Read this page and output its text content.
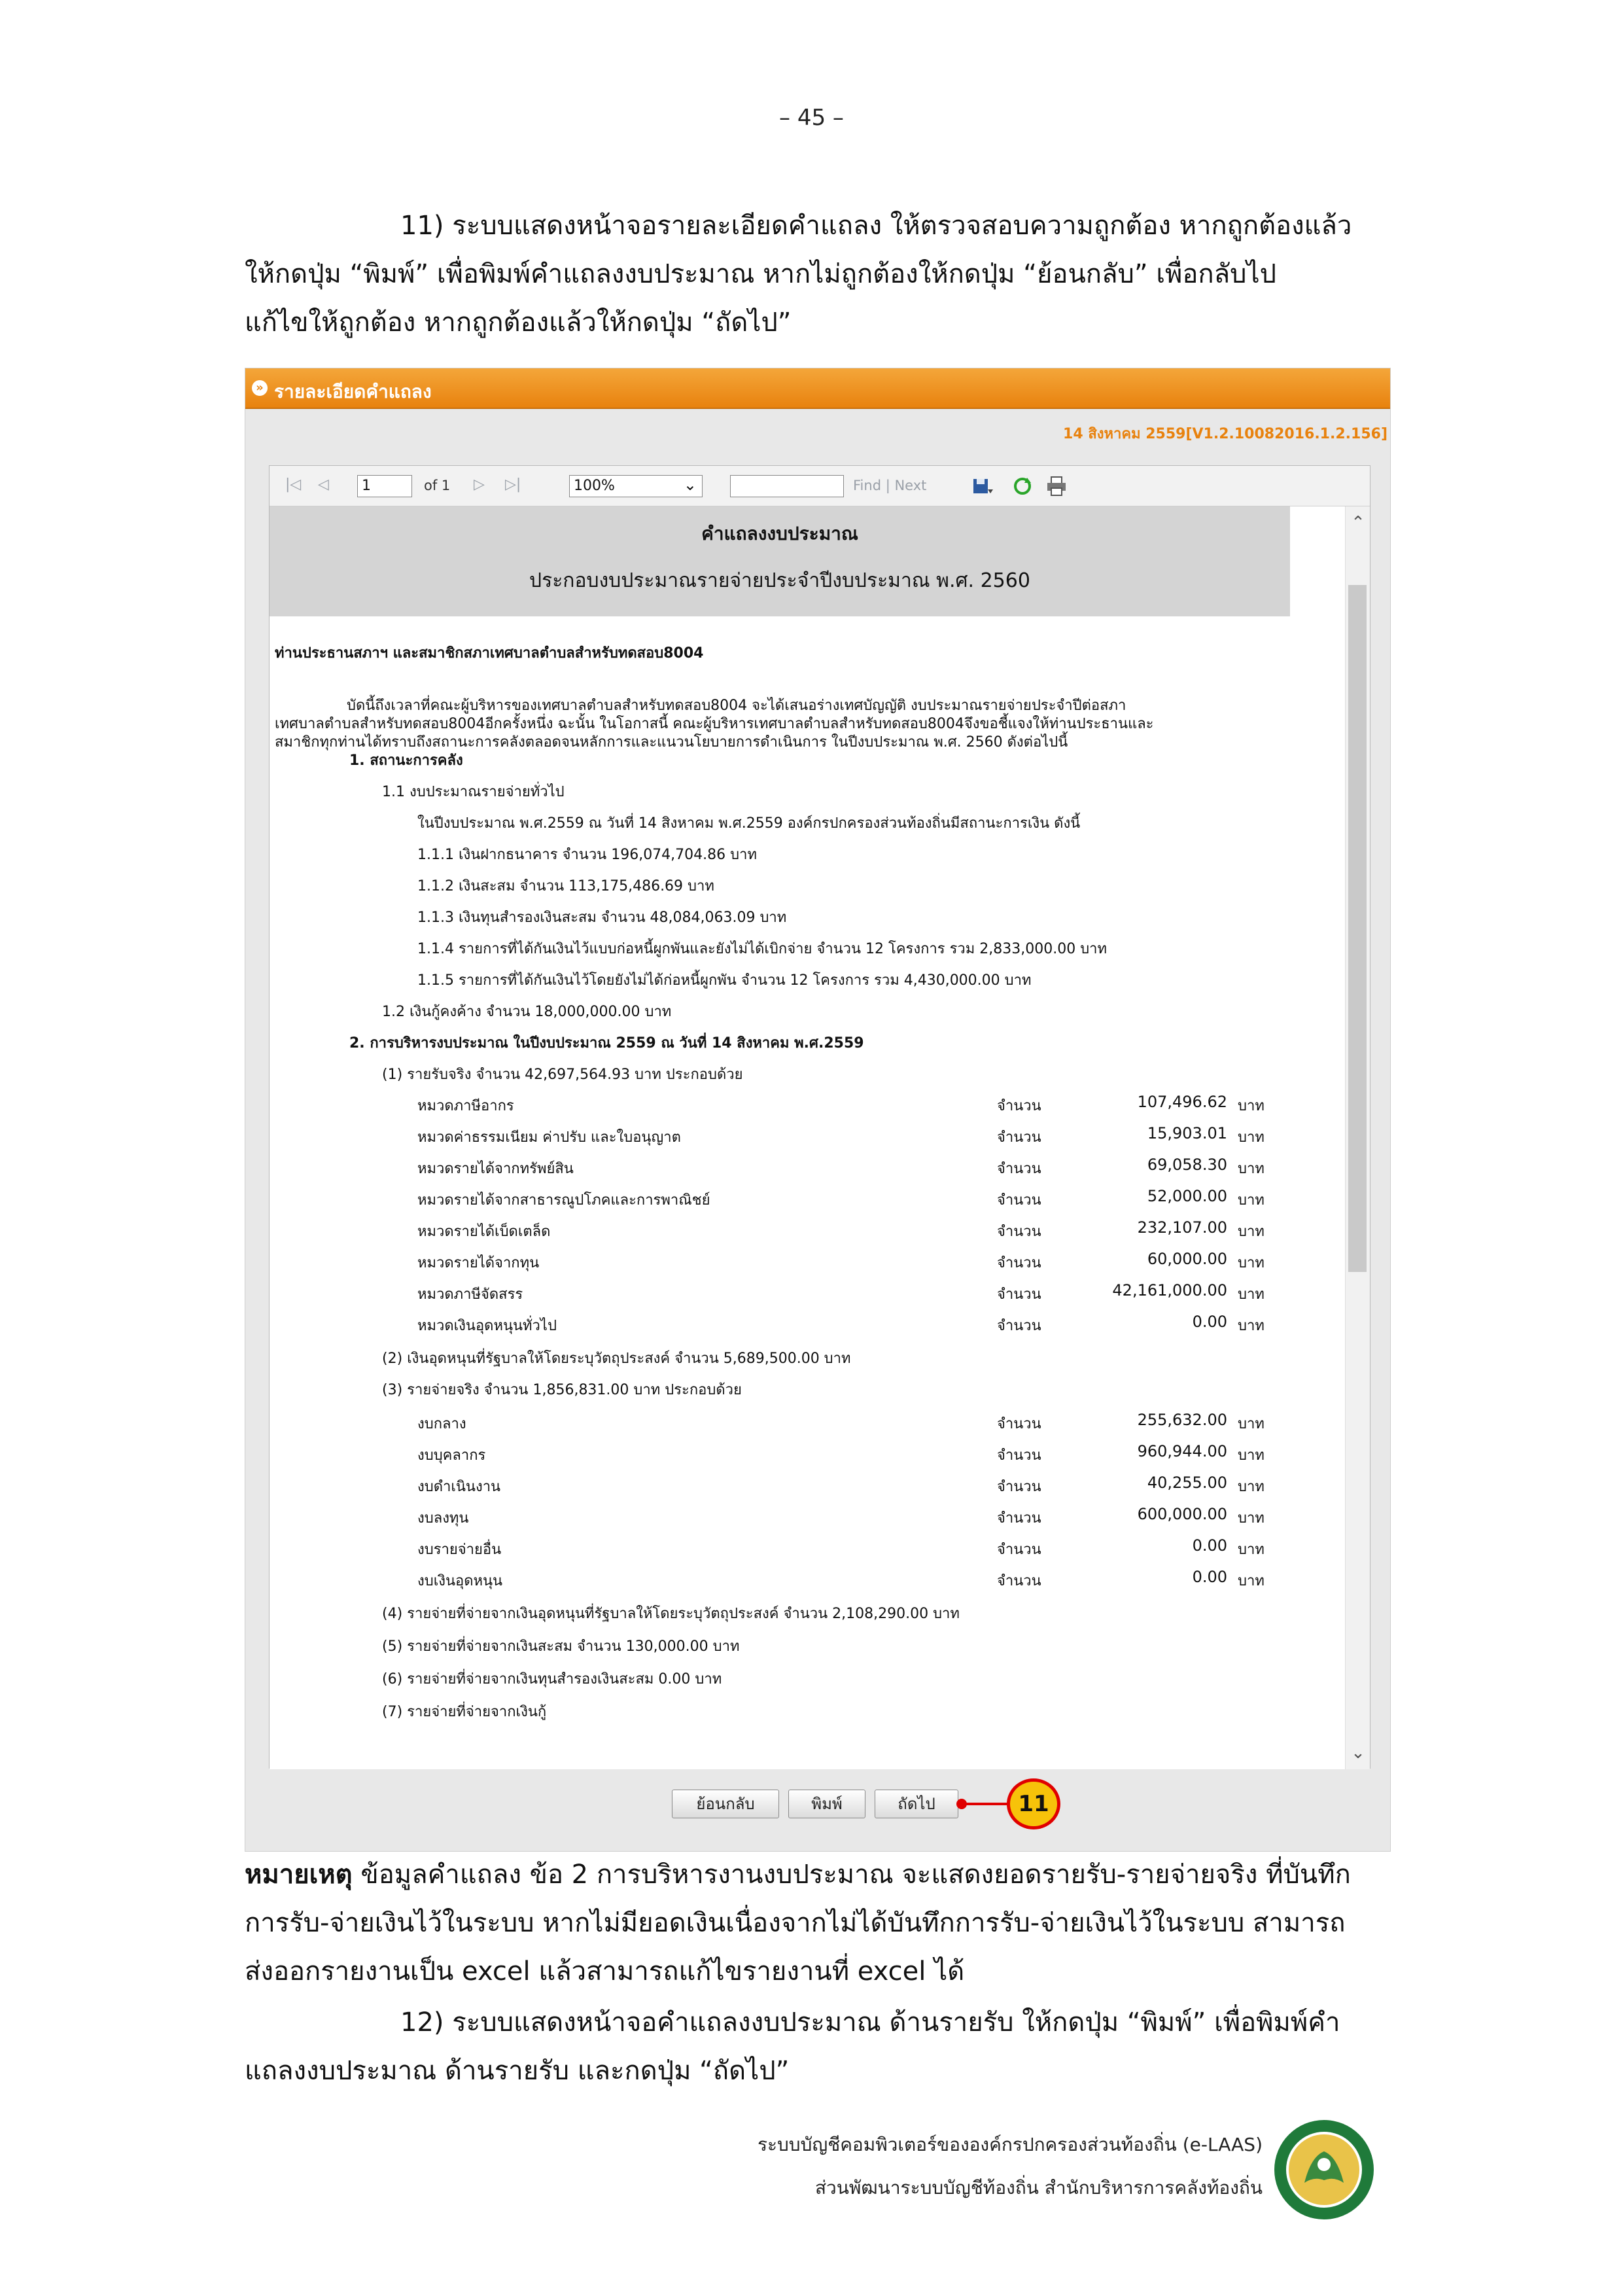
– 45 –
11) ระบบแสดงหน้าจอรายละเอียดคำแถลง ให้ตรวจสอบความถูกต้อง หากถูกต้องแล้ว
ให้กดปุ่ม “พิมพ์” เพื่อพิมพ์คำแถลงงบประมาณ หากไม่ถูกต้องให้กดปุ่ม “ย้อนกลับ” เพื่อกลับไป
แก้ไขให้ถูกต้อง หากถูกต้องแล้วให้กดปุ่ม “ถัดไป”
» รายละเอียดคำแถลง
14 สิงหาคม 2559[V1.2.10082016.1.2.156]
|◁ ◁	1	of 1 ▷ ▷|	100%	⌄	Find | Next
คำแถลงงบประมาณ
ประกอบงบประมาณรายจ่ายประจำปีงบประมาณ พ.ศ. 2560
ท่านประธานสภาฯ และสมาชิกสภาเทศบาลตำบลสำหรับทดสอบ8004
บัดนี้ถึงเวลาที่คณะผู้บริหารของเทศบาลตำบลสำหรับทดสอบ8004 จะได้เสนอร่างเทศบัญญัติ งบประมาณรายจ่ายประจำปีต่อสภา
เทศบาลตำบลสำหรับทดสอบ8004อีกครั้งหนึ่ง ฉะนั้น ในโอกาสนี้ คณะผู้บริหารเทศบาลตำบลสำหรับทดสอบ8004จึงขอชี้แจงให้ท่านประธานและ
สมาชิกทุกท่านได้ทราบถึงสถานะการคลังตลอดจนหลักการและแนวนโยบายการดำเนินการ ในปีงบประมาณ พ.ศ. 2560 ดังต่อไปนี้
1. สถานะการคลัง
1.1 งบประมาณรายจ่ายทั่วไป
ในปีงบประมาณ พ.ศ.2559 ณ วันที่ 14 สิงหาคม พ.ศ.2559 องค์กรปกครองส่วนท้องถิ่นมีสถานะการเงิน ดังนี้
1.1.1 เงินฝากธนาคาร จำนวน 196,074,704.86 บาท
1.1.2 เงินสะสม จำนวน 113,175,486.69 บาท
1.1.3 เงินทุนสำรองเงินสะสม จำนวน 48,084,063.09 บาท
1.1.4 รายการที่ได้กันเงินไว้แบบก่อหนี้ผูกพันและยังไม่ได้เบิกจ่าย จำนวน 12 โครงการ รวม 2,833,000.00 บาท
1.1.5 รายการที่ได้กันเงินไว้โดยยังไม่ได้ก่อหนี้ผูกพัน จำนวน 12 โครงการ รวม 4,430,000.00 บาท
1.2 เงินกู้คงค้าง จำนวน 18,000,000.00 บาท
2. การบริหารงบประมาณ ในปีงบประมาณ 2559 ณ วันที่ 14 สิงหาคม พ.ศ.2559
(1) รายรับจริง จำนวน 42,697,564.93 บาท ประกอบด้วย
หมวดภาษีอากร	จำนวน	107,496.62 บาท
หมวดค่าธรรมเนียม ค่าปรับ และใบอนุญาต	จำนวน	15,903.01 บาท
หมวดรายได้จากทรัพย์สิน	จำนวน	69,058.30 บาท
หมวดรายได้จากสาธารณูปโภคและการพาณิชย์	จำนวน	52,000.00 บาท
หมวดรายได้เบ็ดเตล็ด	จำนวน	232,107.00 บาท
หมวดรายได้จากทุน	จำนวน	60,000.00 บาท
หมวดภาษีจัดสรร	จำนวน	42,161,000.00 บาท
หมวดเงินอุดหนุนทั่วไป	จำนวน	0.00 บาท
(2) เงินอุดหนุนที่รัฐบาลให้โดยระบุวัตถุประสงค์ จำนวน 5,689,500.00 บาท
(3) รายจ่ายจริง จำนวน 1,856,831.00 บาท ประกอบด้วย
งบกลาง	จำนวน	255,632.00 บาท
งบบุคลากร	จำนวน	960,944.00 บาท
งบดำเนินงาน	จำนวน	40,255.00 บาท
งบลงทุน	จำนวน	600,000.00 บาท
งบรายจ่ายอื่น	จำนวน	0.00 บาท
งบเงินอุดหนุน	จำนวน	0.00 บาท
(4) รายจ่ายที่จ่ายจากเงินอุดหนุนที่รัฐบาลให้โดยระบุวัตถุประสงค์ จำนวน 2,108,290.00 บาท
(5) รายจ่ายที่จ่ายจากเงินสะสม จำนวน 130,000.00 บาท
(6) รายจ่ายที่จ่ายจากเงินทุนสำรองเงินสะสม 0.00 บาท
(7) รายจ่ายที่จ่ายจากเงินกู้
⌃
⌄
ย้อนกลับ	พิมพ์	ถัดไป	11
หมายเหตุ ข้อมูลคำแถลง ข้อ 2 การบริหารงานงบประมาณ จะแสดงยอดรายรับ-รายจ่ายจริง ที่บันทึก
การรับ-จ่ายเงินไว้ในระบบ หากไม่มียอดเงินเนื่องจากไม่ได้บันทึกการรับ-จ่ายเงินไว้ในระบบ สามารถ
ส่งออกรายงานเป็น excel แล้วสามารถแก้ไขรายงานที่ excel ได้
12) ระบบแสดงหน้าจอคำแถลงงบประมาณ ด้านรายรับ ให้กดปุ่ม “พิมพ์” เพื่อพิมพ์คำ
แถลงงบประมาณ ด้านรายรับ และกดปุ่ม “ถัดไป”
ระบบบัญชีคอมพิวเตอร์ขององค์กรปกครองส่วนท้องถิ่น (e-LAAS)
ส่วนพัฒนาระบบบัญชีท้องถิ่น สำนักบริหารการคลังท้องถิ่น
